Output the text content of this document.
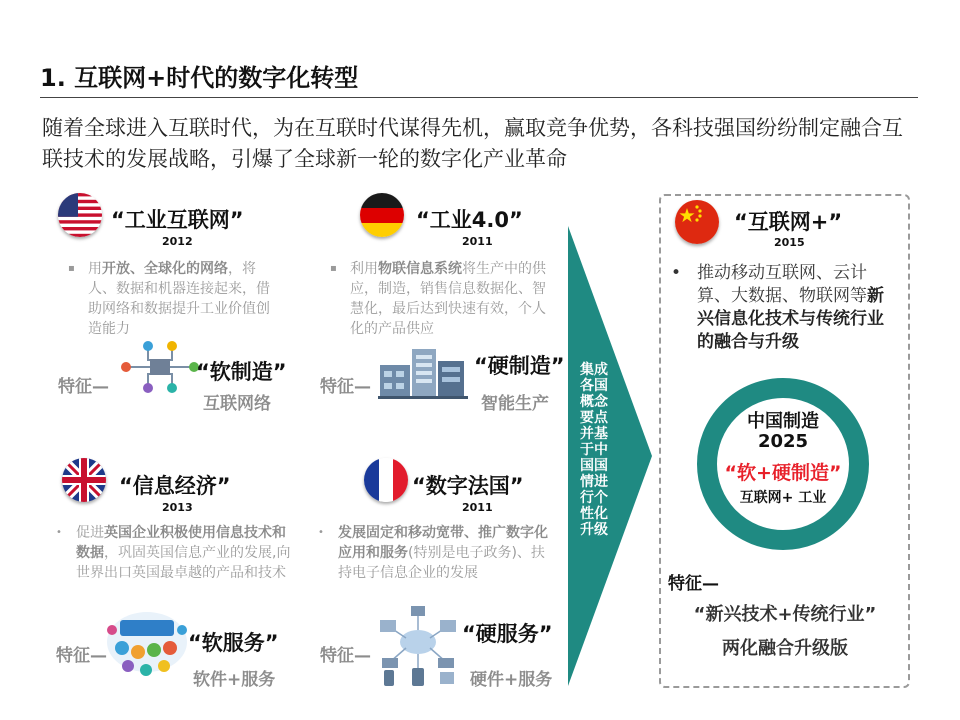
1. 互联网+时代的数字化转型
随着全球进入互联时代，为在互联时代谋得先机，赢取竞争优势，各科技强国纷纷制定融合互联技术的发展战略，引爆了全球新一轮的数字化产业革命
“工业互联网”
2012
▪ 用开放、全球化的网络，将人、数据和机器连接起来，借助网络和数据提升工业价值创造能力
特征—
“软制造”
互联网络
“工业4.0”
2011
▪ 利用物联信息系统将生产中的供应，制造，销售信息数据化、智慧化，最后达到快速有效，个人化的产品供应
特征—
“硬制造”
智能生产
“信息经济”
2013
• 促进英国企业积极使用信息技术和数据，巩固英国信息产业的发展,向世界出口英国最卓越的产品和技术
特征—
“软服务”
软件+服务
“数字法国”
2011
• 发展固定和移动宽带、推广数字化应用和服务(特别是电子政务)、扶持电子信息企业的发展
特征—
“硬服务”
硬件+服务
集成各国概念要点并基于中国国情进行个性化升级
“互联网+”
2015
• 推动移动互联网、云计算、大数据、物联网等新兴信息化技术与传统行业的融合与升级
中国制造
2025
“软+硬制造”
互联网+ 工业
特征—
“新兴技术+传统行业”
两化融合升级版
